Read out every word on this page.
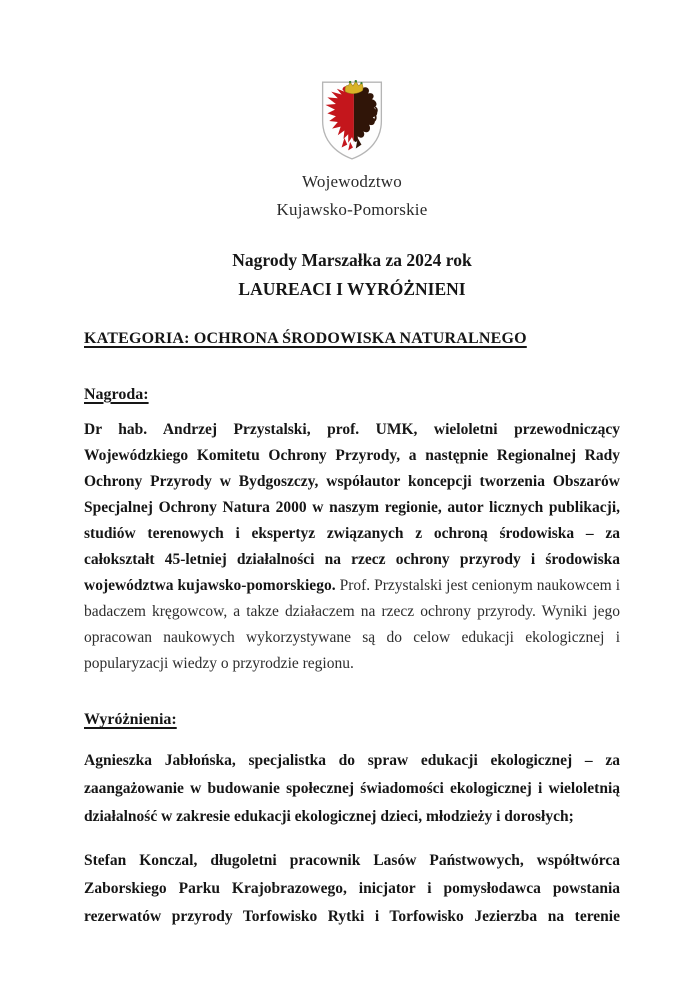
Wojewodztwo
Kujawsko-Pomorskie
Nagrody Marszałka za 2024 rok
LAUREACI I WYRÓŻNIENI

KATEGORIA: OCHRONA ŚRODOWISKA NATURALNEGO

Nagroda:

Dr hab. Andrzej Przystalski, prof. UMK, wieloletni przewodniczący Wojewódzkiego Komitetu Ochrony Przyrody, a następnie Regionalnej Rady Ochrony Przyrody w Bydgoszczy, współautor koncepcji tworzenia Obszarów Specjalnej Ochrony Natura 2000 w naszym regionie, autor licznych publikacji, studiów terenowych i ekspertyz związanych z ochroną środowiska – za całokształt 45-letniej działalności na rzecz ochrony przyrody i środowiska województwa kujawsko-pomorskiego. Prof. Przystalski jest cenionym naukowcem i badaczem kręgowcow, a takze działaczem na rzecz ochrony przyrody. Wyniki jego opracowan naukowych wykorzystywane są do celow edukacji ekologicznej i popularyzacji wiedzy o przyrodzie regionu.

Wyróżnienia:

Agnieszka Jabłońska, specjalistka do spraw edukacji ekologicznej – za zaangażowanie w budowanie społecznej świadomości ekologicznej i wieloletnią działalność w zakresie edukacji ekologicznej dzieci, młodzieży i dorosłych;

Stefan Konczal, długoletni pracownik Lasów Państwowych, współtwórca Zaborskiego Parku Krajobrazowego, inicjator i pomysłodawca powstania rezerwatów przyrody Torfowisko Rytki i Torfowisko Jezierzba na terenie
